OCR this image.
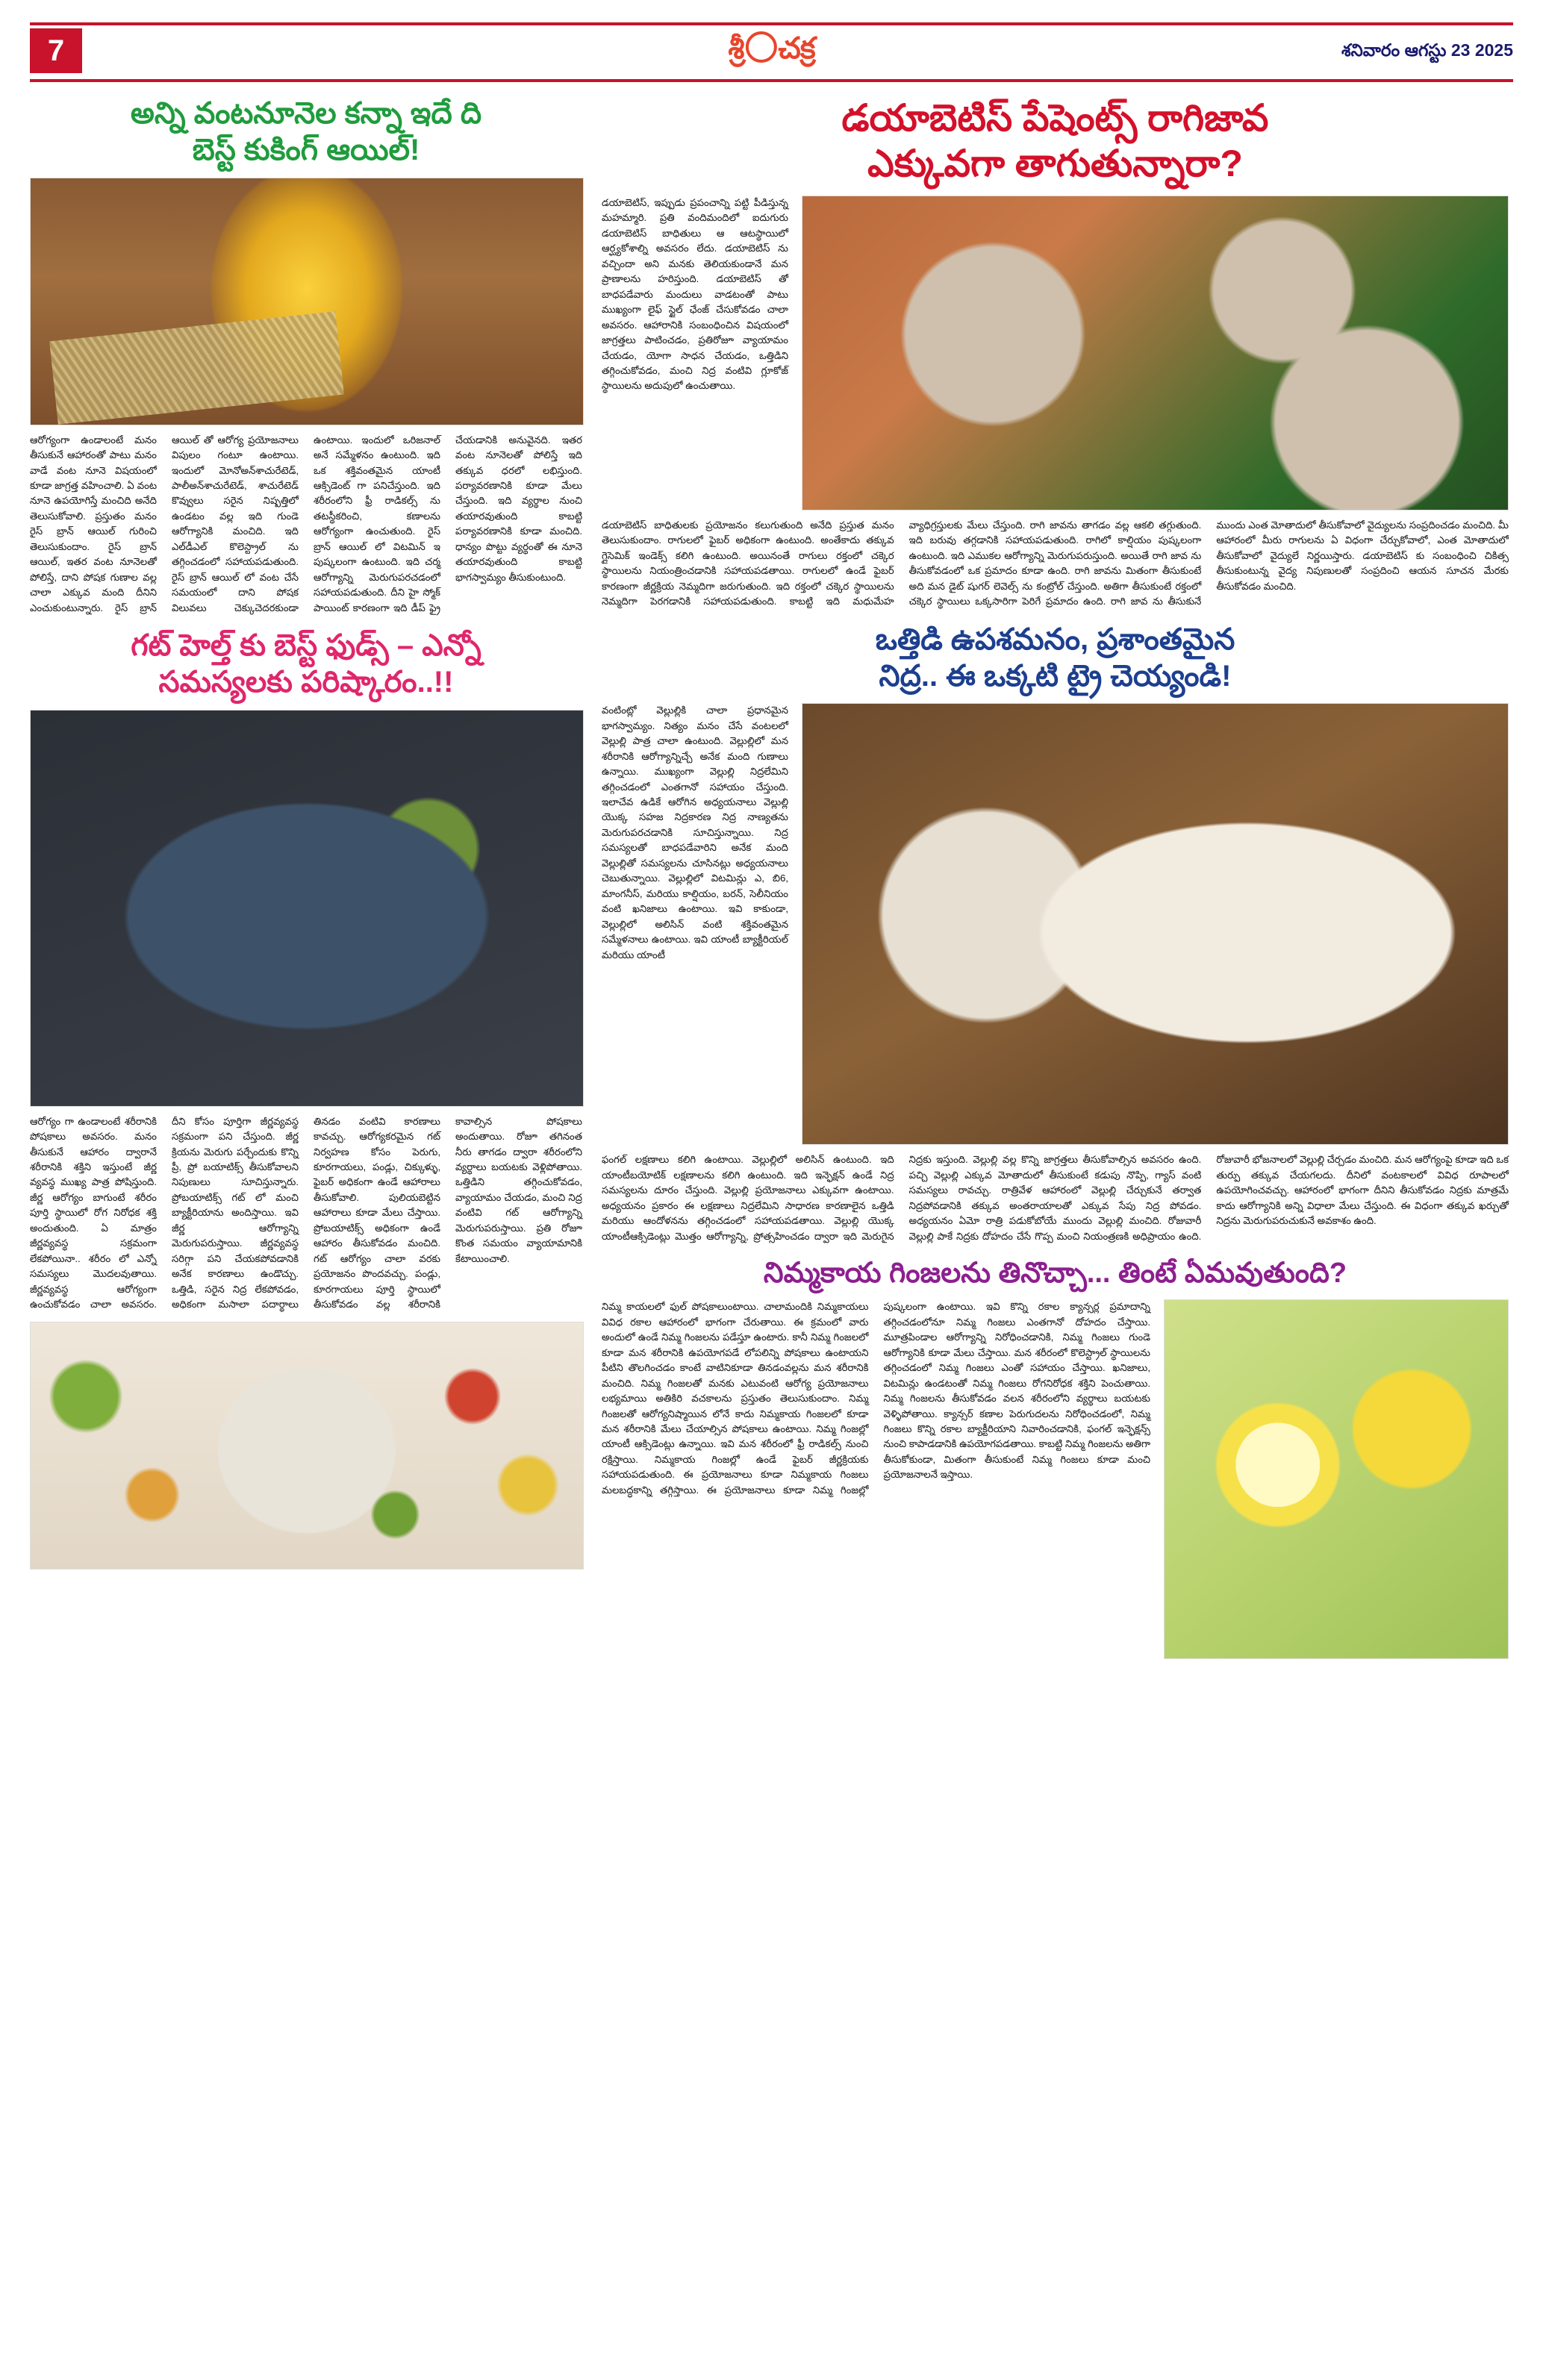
7	శ్రీ చక్ర	శనివారం ఆగస్టు 23 2025
అన్ని వంటనూనెల కన్నా ఇదే ది
బెస్ట్ కుకింగ్ ఆయిల్!
ఆరోగ్యంగా ఉండాలంటే మనం తీసుకునే ఆహారంతో పాటు మనం వాడే వంట నూనె విషయంలో కూడా జాగ్రత్త వహించాలి. ఏ వంట నూనె ఉపయోగిస్తే మంచిది అనేది తెలుసుకోవాలి. ప్రస్తుతం మనం రైస్ బ్రాన్ ఆయిల్ గురించి తెలుసుకుందాం. రైస్ బ్రాన్ ఆయిల్, ఇతర వంట నూనెలతో పోలిస్తే, దాని పోషక గుణాల వల్ల చాలా ఎక్కువ మంది దీనిని ఎంచుకుంటున్నారు. రైస్ బ్రాన్ ఆయిల్ తో ఆరోగ్య ప్రయోజనాలు విపులం గంటూ ఉంటాయి. ఇందులో మోనోఅన్‌శాచురేటెడ్, పాలీఅన్‌శాచురేటెడ్, శాచురేటెడ్ కొవ్వులు సరైన నిష్పత్తిలో ఉండటం వల్ల ఇది గుండె ఆరోగ్యానికి మంచిది. ఇది ఎల్‌డీఎల్ కొలెస్ట్రాల్ ను తగ్గించడంలో సహాయపడుతుంది. రైస్ బ్రాన్ ఆయిల్ లో వంట చేసే సమయంలో దాని పోషక విలువలు చెక్కుచెదరకుండా ఉంటాయి. ఇందులో ఒరిజనాల్ అనే సమ్మేళనం ఉంటుంది. ఇది ఒక శక్తివంతమైన యాంటీ ఆక్సిడెంట్ గా పనిచేస్తుంది. ఇది శరీరంలోని ఫ్రీ రాడికల్స్ ను తటస్థీకరించి, కణాలను ఆరోగ్యంగా ఉంచుతుంది. రైస్ బ్రాన్ ఆయిల్ లో విటమిన్ ఇ పుష్కలంగా ఉంటుంది. ఇది చర్మ ఆరోగ్యాన్ని మెరుగుపరచడంలో సహాయపడుతుంది. దీని హై స్మోక్ పాయింట్ కారణంగా ఇది డీప్ ఫ్రై చేయడానికి అనువైనది. ఇతర వంట నూనెలతో పోలిస్తే ఇది తక్కువ ధరలో లభిస్తుంది. పర్యావరణానికి కూడా మేలు చేస్తుంది. ఇది వ్యర్థాల నుంచి తయారవుతుంది కాబట్టి పర్యావరణానికి కూడా మంచిది. ధాన్యం పొట్టు వ్యర్థంతో ఈ నూనె తయారవుతుంది కాబట్టి భాగస్వామ్యం తీసుకుంటుంది.
గట్ హెల్త్ కు బెస్ట్ ఫుడ్స్ – ఎన్నో
సమస్యలకు పరిష్కారం..!!
ఆరోగ్యం గా ఉండాలంటే శరీరానికి పోషకాలు అవసరం. మనం తీసుకునే ఆహారం ద్వారానే శరీరానికి శక్తిని ఇస్తుంటే జీర్ణ వ్యవస్థ ముఖ్య పాత్ర పోషిస్తుంది. జీర్ణ ఆరోగ్యం బాగుంటే శరీరం పూర్తి స్థాయిలో రోగ నిరోధక శక్తి అందుతుంది. ఏ మాత్రం జీర్ణవ్యవస్థ సక్రమంగా లేకపోయినా.. శరీరం లో ఎన్నో సమస్యలు మొదలవుతాయి. జీర్ణవ్యవస్థ ఆరోగ్యంగా ఉంచుకోవడం చాలా అవసరం. దీని కోసం పూర్తిగా జీర్ణవ్యవస్థ సక్రమంగా పని చేస్తుంది. జీర్ణ క్రియను మెరుగు పర్చేందుకు కొన్ని ప్రీ, ప్రో బయాటిక్స్ తీసుకోవాలని నిపుణులు సూచిస్తున్నారు. ప్రోబయాటిక్స్ గట్ లో మంచి బ్యాక్టీరియాను అందిస్తాయి. ఇవి జీర్ణ ఆరోగ్యాన్ని మెరుగుపరుస్తాయి. జీర్ణవ్యవస్థ సరిగ్గా పని చేయకపోవడానికి అనేక కారణాలు ఉండొచ్చు. ఒత్తిడి, సరైన నిద్ర లేకపోవడం, అధికంగా మసాలా పదార్థాలు తినడం వంటివి కారణాలు కావచ్చు. ఆరోగ్యకరమైన గట్ నిర్వహణ కోసం పెరుగు, కూరగాయలు, పండ్లు, చిక్కుళ్ళు, ఫైబర్ అధికంగా ఉండే ఆహారాలు తీసుకోవాలి. పులియబెట్టిన ఆహారాలు కూడా మేలు చేస్తాయి. ప్రోబయాటిక్స్ అధికంగా ఉండే ఆహారం తీసుకోవడం మంచిది. గట్ ఆరోగ్యం చాలా వరకు ప్రయోజనం పొందవచ్చు. పండ్లు, కూరగాయలు పూర్తి స్థాయిలో తీసుకోవడం వల్ల శరీరానికి కావాల్సిన పోషకాలు అందుతాయి. రోజూ తగినంత నీరు తాగడం ద్వారా శరీరంలోని వ్యర్థాలు బయటకు వెళ్లిపోతాయి. ఒత్తిడిని తగ్గించుకోవడం, వ్యాయామం చేయడం, మంచి నిద్ర వంటివి గట్ ఆరోగ్యాన్ని మెరుగుపరుస్తాయి. ప్రతి రోజూ కొంత సమయం వ్యాయామానికి కేటాయించాలి.
డయాబెటిస్ పేషెంట్స్ రాగిజావ
ఎక్కువగా తాగుతున్నారా?
డయాబెటిస్, ఇప్పుడు ప్రపంచాన్ని పట్టి పీడిస్తున్న మహమ్మారి. ప్రతి వందిమందిలో ఐదుగురు డయాబెటిస్ బాధితులు ఆ ఆటస్థాయిలో ఆర్ఘ్యకోశాల్ని అవసరం లేదు. డయాబెటిస్ ను వచ్చిందా అని మనకు తెలియకుండానే మన ప్రాణాలను హరిస్తుంది. డయాబెటిస్ తో బాధపడేవారు మందులు వాడటంతో పాటు ముఖ్యంగా లైఫ్ స్టైల్ ఛేంజ్ చేసుకోవడం చాలా అవసరం. ఆహారానికి సంబంధించిన విషయంలో జాగ్రత్తలు పాటించడం, ప్రతిరోజూ వ్యాయామం చేయడం, యోగా సాధన చేయడం, ఒత్తిడిని తగ్గించుకోవడం, మంచి నిద్ర వంటివి గ్లూకోజ్ స్థాయిలను అదుపులో ఉంచుతాయి.
డయాబెటిస్ బాధితులకు ప్రయోజనం కలుగుతుంది అనేది ప్రస్తుత మనం తెలుసుకుందాం. రాగులలో ఫైబర్ అధికంగా ఉంటుంది. అంతేకాదు తక్కువ గ్లైసెమిక్ ఇండెక్స్ కలిగి ఉంటుంది. అయినంతే రాగులు రక్తంలో చక్కెర స్థాయిలను నియంత్రించడానికి సహాయపడతాయి. రాగులలో ఉండే ఫైబర్ కారణంగా జీర్ణక్రియ నెమ్మదిగా జరుగుతుంది. ఇది రక్తంలో చక్కెర స్థాయిలను నెమ్మదిగా పెరగడానికి సహాయపడుతుంది. కాబట్టి ఇది మధుమేహ వ్యాధిగ్రస్తులకు మేలు చేస్తుంది. రాగి జావను తాగడం వల్ల ఆకలి తగ్గుతుంది. ఇది బరువు తగ్గడానికి సహాయపడుతుంది. రాగిలో కాల్షియం పుష్కలంగా ఉంటుంది. ఇది ఎముకల ఆరోగ్యాన్ని మెరుగుపరుస్తుంది. అయితే రాగి జావ ను తీసుకోవడంలో ఒక ప్రమాదం కూడా ఉంది. రాగి జావను మితంగా తీసుకుంటే అది మన డైట్ షుగర్ లెవెల్స్ ను కంట్రోల్ చేస్తుంది. అతిగా తీసుకుంటే రక్తంలో చక్కెర స్థాయిలు ఒక్కసారిగా పెరిగే ప్రమాదం ఉంది. రాగి జావ ను తీసుకునే ముందు ఎంత మోతాదులో తీసుకోవాలో వైద్యులను సంప్రదించడం మంచిది. మీ ఆహారంలో మీరు రాగులను ఏ విధంగా చేర్చుకోవాలో, ఎంత మోతాదులో తీసుకోవాలో వైద్యులే నిర్ణయిస్తారు. డయాబెటిస్ కు సంబంధించి చికిత్స తీసుకుంటున్న వైద్య నిపుణులతో సంప్రదించి ఆయన సూచన మేరకు తీసుకోవడం మంచిది.
ఒత్తిడి ఉపశమనం, ప్రశాంతమైన
నిద్ర.. ఈ ఒక్కటి ట్రై చెయ్యండి!
వంటింట్లో వెల్లుల్లికి చాలా ప్రధానమైన భాగస్వామ్యం. నిత్యం మనం చేసే వంటలలో వెల్లుల్లి పాత్ర చాలా ఉంటుంది. వెల్లుల్లిలో మన శరీరానికి ఆరోగ్యాన్నిచ్చే అనేక మంది గుణాలు ఉన్నాయి. ముఖ్యంగా వెల్లుల్లి నిద్రలేమిని తగ్గించడంలో ఎంతగానో సహాయం చేస్తుంది. ఇలాచేవ ఉడికే ఆరోగిన అధ్యయనాలు వెల్లుల్లి యొక్క సహజ నిద్రకారణ నిద్ర నాణ్యతను మెరుగుపరచడానికి సూచిస్తున్నాయి. నిద్ర సమస్యలతో బాధపడేవారిని అనేక మంది వెల్లుల్లితో సమస్యలను చూసినట్లు అధ్యయనాలు చెబుతున్నాయి. వెల్లుల్లిలో విటమిన్లు ఎ, బి6, మాంగనీస్, మరియు కాల్షియం, బరన్, సెలీనియం వంటి ఖనిజాలు ఉంటాయి. ఇవి కాకుండా, వెల్లుల్లిలో అలిసిన్ వంటి శక్తివంతమైన సమ్మేళనాలు ఉంటాయి. ఇవి యాంటీ బ్యాక్టీరియల్ మరియు యాంటీ
ఫంగల్ లక్షణాలు కలిగి ఉంటాయి. వెల్లుల్లిలో అలిసిన్ ఉంటుంది. ఇది యాంటీబయోటిక్ లక్షణాలను కలిగి ఉంటుంది. ఇది ఇన్ఫెక్షన్ ఉండే నిద్ర సమస్యలను దూరం చేస్తుంది. వెల్లుల్లి ప్రయోజనాలు ఎక్కువగా ఉంటాయి. అధ్యయనం ప్రకారం ఈ లక్షణాలు నిద్రలేమిని సాధారణ కారణాలైన ఒత్తిడి మరియు ఆందోళనను తగ్గించడంలో సహాయపడతాయి. వెల్లుల్లి యొక్క యాంటీఆక్సిడెంట్లు మొత్తం ఆరోగ్యాన్ని, ప్రోత్సహించడం ద్వారా ఇది మెరుగైన నిద్రకు ఇస్తుంది. వెల్లుల్లి వల్ల కొన్ని జాగ్రత్తలు తీసుకోవాల్సిన అవసరం ఉంది. పచ్చి వెల్లుల్లి ఎక్కువ మోతాదులో తీసుకుంటే కడుపు నొప్పి, గ్యాస్ వంటి సమస్యలు రావచ్చు. రాత్రివేళ ఆహారంలో వెల్లుల్లి చేర్చుకునే తర్వాత నిద్రపోవడానికి తక్కువ అంతరాయాలతో ఎక్కువ సేపు నిద్ర పోవడం. అధ్యయనం ఏమో రాత్రి పడుకోబోయే ముందు వెల్లుల్లి మంచిది. రోజువారీ వెల్లుల్లి పాకే నిద్రకు దోహదం చేసే గొప్ప మంచి నియంత్రణకి అధిప్రాయం ఉంది. రోజువారీ భోజనాలలో వెల్లుల్లి చేర్చడం మంచిది. మన ఆరోగ్యంపై కూడా ఇది ఒక తుర్పు తక్కువ చేయగలదు. దీనిలో వంటకాలలో వివిధ రూపాలలో ఉపయోగించవచ్చు. ఆహారంలో భాగంగా దీనిని తీసుకోవడం నిద్రకు మాత్రమే కాదు ఆరోగ్యానికి అన్ని విధాలా మేలు చేస్తుంది. ఈ విధంగా తక్కువ ఖర్చుతో నిద్రను మెరుగుపరుచుకునే అవకాశం ఉంది.
నిమ్మకాయ గింజలను తినొచ్చా... తింటే ఏమవుతుంది?
నిమ్మ కాయలలో ఫుల్ పోషకాలుంటాయి. చాలామందికి నిమ్మకాయలు వివిధ రకాల ఆహారంలో భాగంగా చేరుతాయి. ఈ క్రమంలో వారు అందులో ఉండే నిమ్మ గింజలను పడేస్తూ ఉంటారు. కానీ నిమ్మ గింజలలో కూడా మన శరీరానికి ఉపయోగపడే లోపలిన్ని పోషకాలు ఉంటాయని పీటిని తొలగించడం కాంటే వాటినికూడా తినడంవల్లను మన శరీరానికి మంచిది. నిమ్మ గింజలతో మనకు ఎటువంటి ఆరోగ్య ప్రయోజనాలు లభ్యమాయి అతికిరి వచకాలను ప్రస్తుతం తెలుసుకుందాం. నిమ్మ గింజలతో ఆరోగ్యనిష్మాయిన లోనే కాదు నిమ్మకాయ గింజలలో కూడా మన శరీరానికి మేలు చేయాల్సిన పోషకాలు ఉంటాయి. నిమ్మ గింజల్లో యాంటీ ఆక్సిడెంట్లు ఉన్నాయి. ఇవి మన శరీరంలో ఫ్రీ రాడికల్స్ నుంచి రక్షిస్తాయి. నిమ్మకాయ గింజల్లో ఉండే ఫైబర్ జీర్ణక్రియకు సహాయపడుతుంది. ఈ ప్రయోజనాలు కూడా నిమ్మకాయ గింజలు మలబద్ధకాన్ని తగ్గిస్తాయి. ఈ ప్రయోజనాలు కూడా నిమ్మ గింజల్లో పుష్కలంగా ఉంటాయి. ఇవి కొన్ని రకాల క్యాన్సర్ల ప్రమాదాన్ని తగ్గించడంలోనూ నిమ్మ గింజలు ఎంతగానో దోహదం చేస్తాయి. మూత్రపిండాల ఆరోగ్యాన్ని నిరోధించడానికి, నిమ్మ గింజలు గుండె ఆరోగ్యానికి కూడా మేలు చేస్తాయి. మన శరీరంలో కొలెస్ట్రాల్ స్థాయిలను తగ్గించడంలో నిమ్మ గింజలు ఎంతో సహాయం చేస్తాయి. ఖనిజాలు, విటమిన్లు ఉండటంతో నిమ్మ గింజలు రోగనిరోధక శక్తిని పెంచుతాయి. నిమ్మ గింజలను తీసుకోవడం వలన శరీరంలోని వ్యర్థాలు బయటకు వెళ్ళిపోతాయి. క్యాన్సర్ కణాల పెరుగుదలను నిరోధించడంలో, నిమ్మ గింజలు కొన్ని రకాల బ్యాక్టీరియాని నివారించడానికి, ఫంగల్ ఇన్ఫెక్షన్స్ నుంచి కాపాడడానికి ఉపయోగపడతాయి. కాబట్టి నిమ్మ గింజలను అతిగా తీసుకోకుండా, మితంగా తీసుకుంటే నిమ్మ గింజలు కూడా మంచి ప్రయోజనాలనే ఇస్తాయి.
